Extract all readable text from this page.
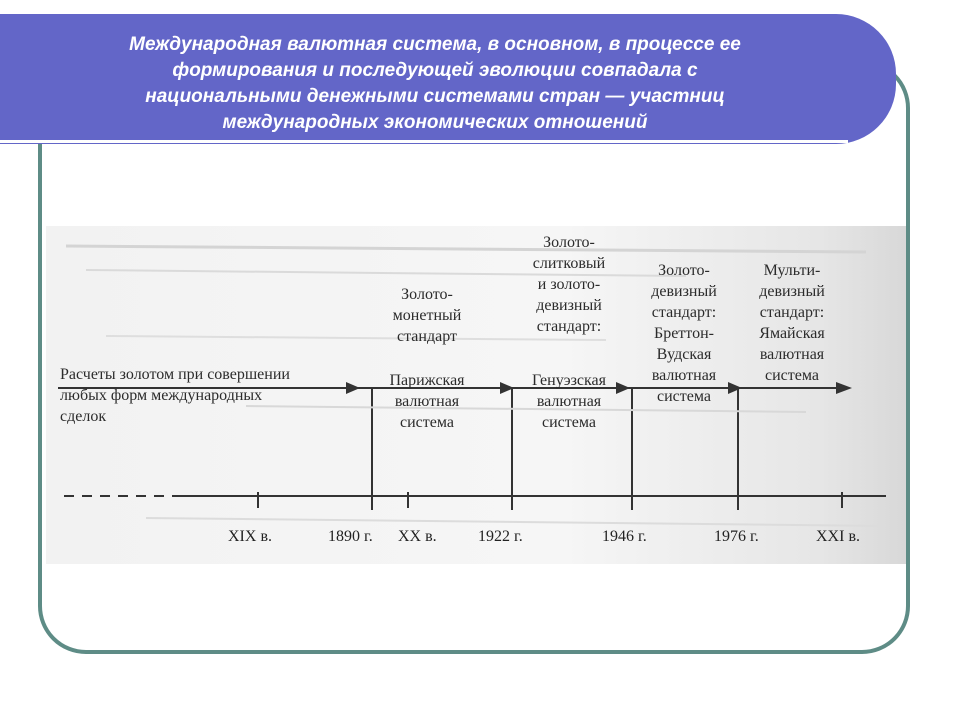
Международная валютная система, в основном, в процессе ее
формирования и последующей эволюции совпадала с
национальными денежными системами стран — участниц
международных экономических отношений
Расчеты золотом при совершении
любых форм международных
сделок
Золото-
монетный
стандарт
Парижская
валютная
система
Золото-
слитковый
и золото-
девизный
стандарт:
Генуэзская
валютная
система
Золото-
девизный
стандарт:
Бреттон-
Вудская
валютная
система
Мульти-
девизный
стандарт:
Ямайская
валютная
система
XIX в.	1890 г. XX в.	1922 г.	1946 г.	1976 г.	XXI в.
